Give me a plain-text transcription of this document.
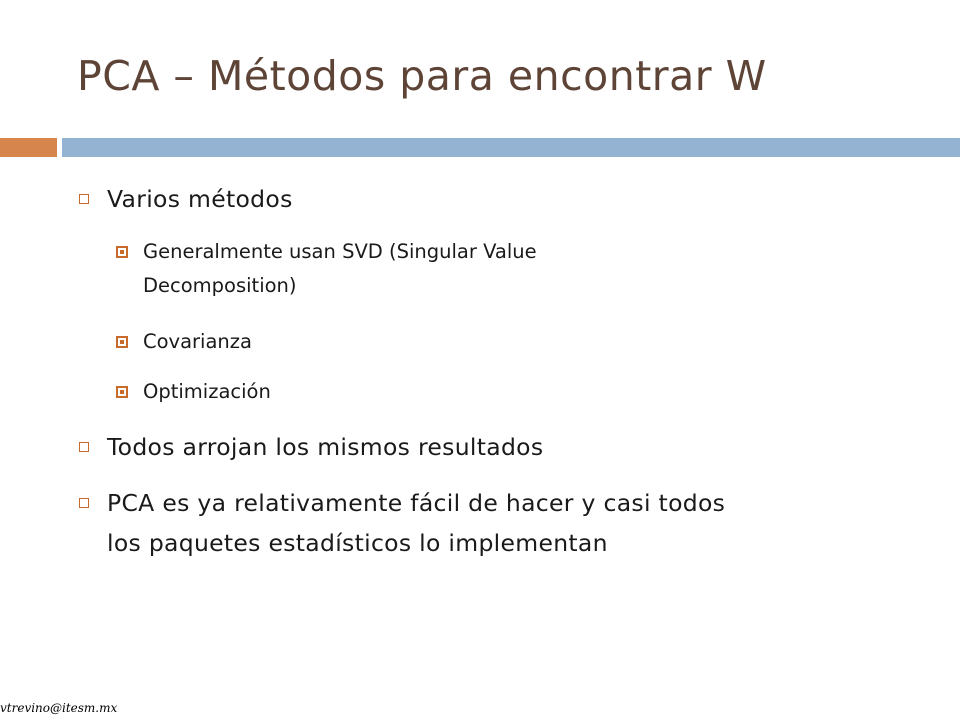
PCA – Métodos para encontrar W
Varios métodos
Generalmente usan SVD (Singular Value
Decomposition)
Covarianza
Optimización
Todos arrojan los mismos resultados
PCA es ya relativamente fácil de hacer y casi todos
los paquetes estadísticos lo implementan
vtrevino@itesm.mx
